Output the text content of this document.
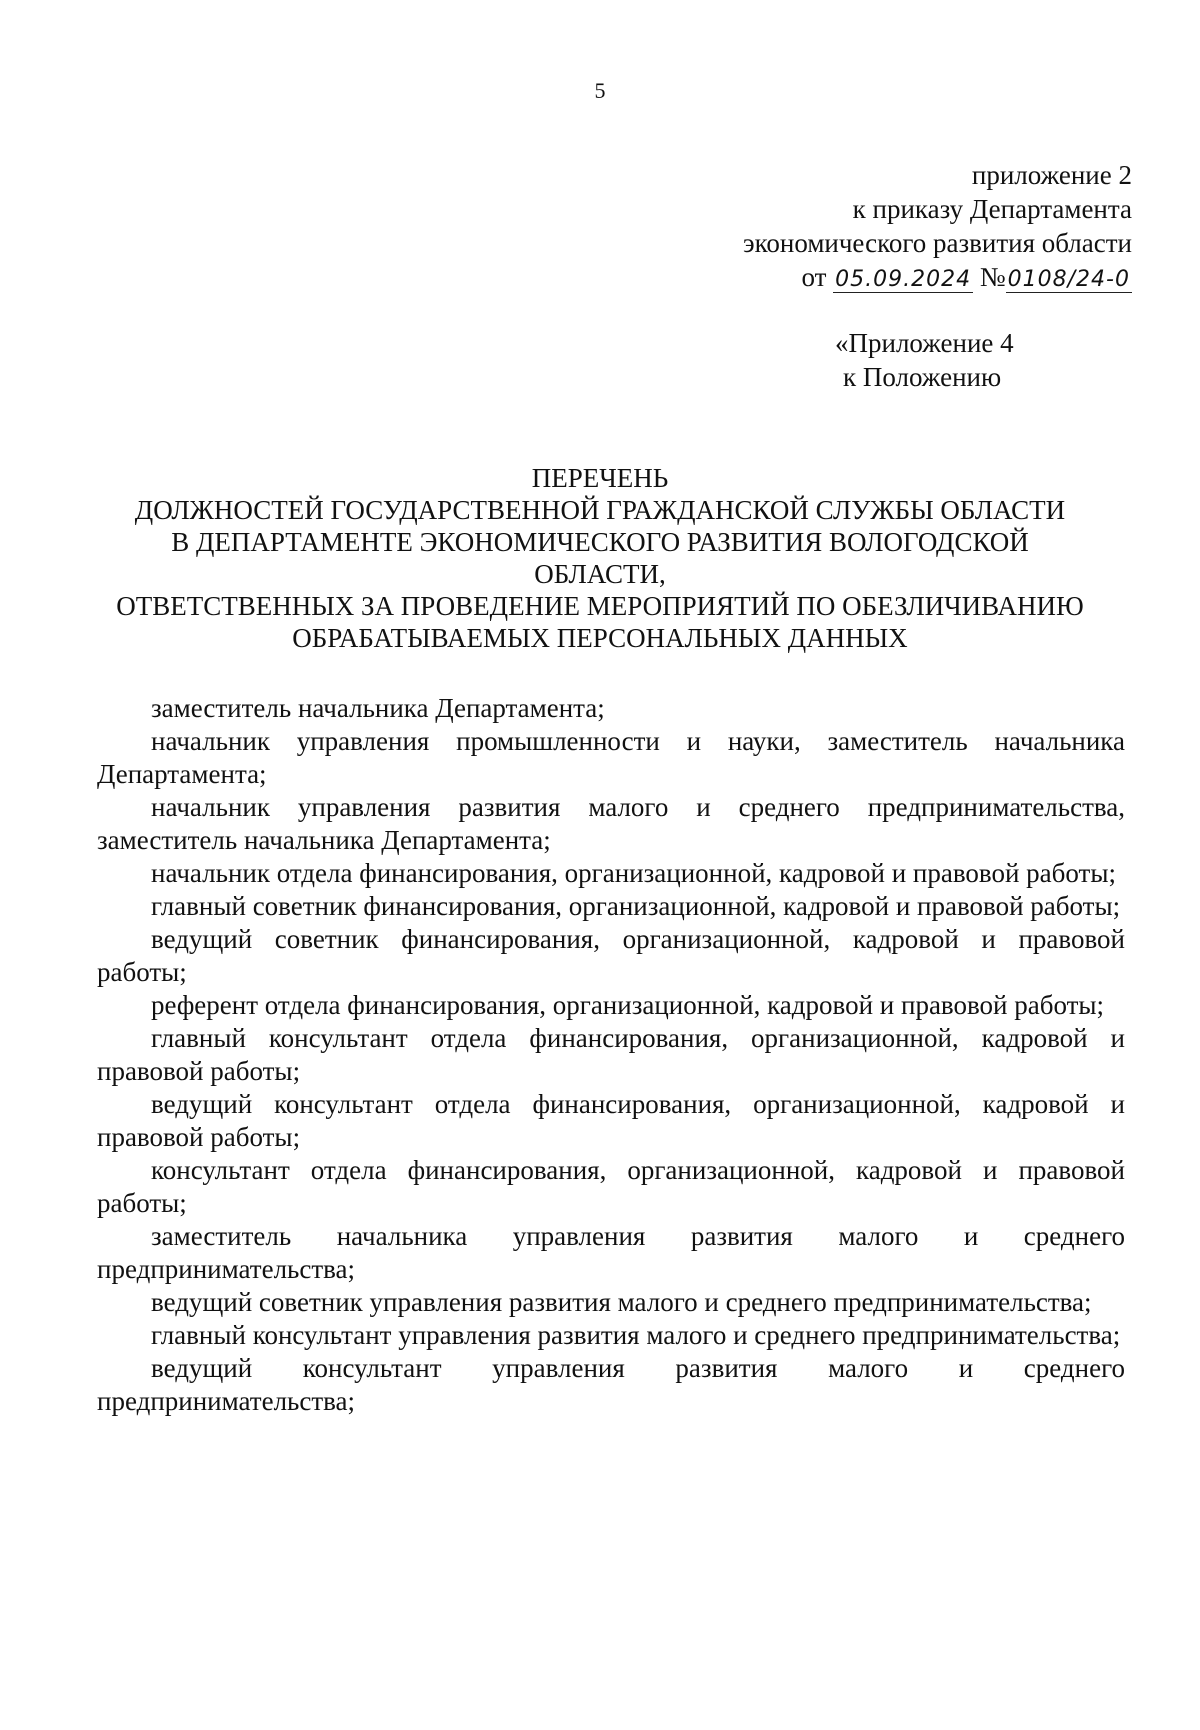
5
приложение 2
к приказу Департамента
экономического развития области
от 05.09.2024 №0108/24-0
«Приложение 4
к Положению
ПЕРЕЧЕНЬ
ДОЛЖНОСТЕЙ ГОСУДАРСТВЕННОЙ ГРАЖДАНСКОЙ СЛУЖБЫ ОБЛАСТИ
В ДЕПАРТАМЕНТЕ ЭКОНОМИЧЕСКОГО РАЗВИТИЯ ВОЛОГОДСКОЙ
ОБЛАСТИ,
ОТВЕТСТВЕННЫХ ЗА ПРОВЕДЕНИЕ МЕРОПРИЯТИЙ ПО ОБЕЗЛИЧИВАНИЮ
ОБРАБАТЫВАЕМЫХ ПЕРСОНАЛЬНЫХ ДАННЫХ

заместитель начальника Департамента;

начальник управления промышленности и науки, заместитель начальника Департамента;

начальник управления развития малого и среднего предпринимательства, заместитель начальника Департамента;

начальник отдела финансирования, организационной, кадровой и правовой работы;

главный советник финансирования, организационной, кадровой и правовой работы;

ведущий советник финансирования, организационной, кадровой и правовой работы;

референт отдела финансирования, организационной, кадровой и правовой работы;

главный консультант отдела финансирования, организационной, кадровой и правовой работы;

ведущий консультант отдела финансирования, организационной, кадровой и правовой работы;

консультант отдела финансирования, организационной, кадровой и правовой работы;

заместитель начальника управления развития малого и среднего предпринимательства;

ведущий советник управления развития малого и среднего предпринимательства;

главный консультант управления развития малого и среднего предпринимательства;

ведущий консультант управления развития малого и среднего предпринимательства;
